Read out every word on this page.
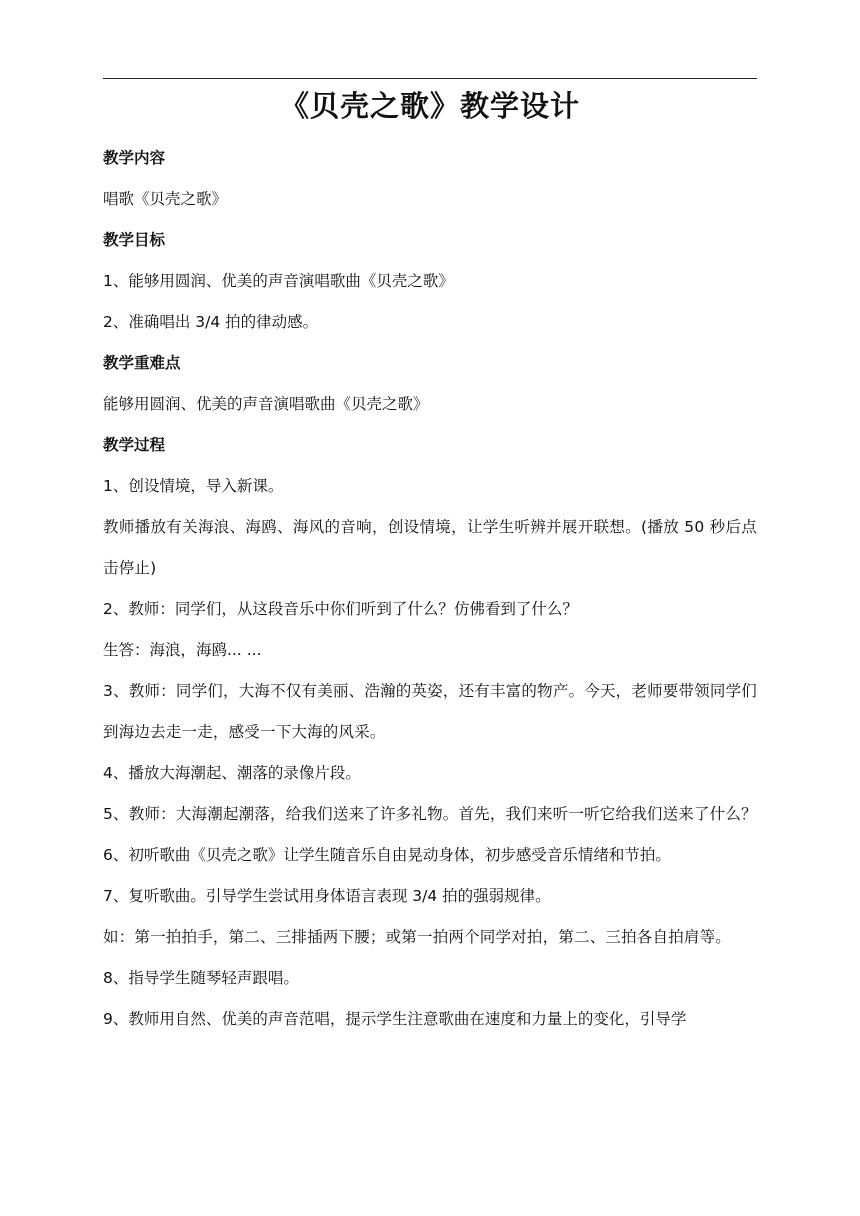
《贝壳之歌》教学设计
教学内容
唱歌《贝壳之歌》
教学目标
1、能够用圆润、优美的声音演唱歌曲《贝壳之歌》
2、准确唱出 3/4 拍的律动感。
教学重难点
能够用圆润、优美的声音演唱歌曲《贝壳之歌》
教学过程
1、创设情境，导入新课。
教师播放有关海浪、海鸥、海风的音响，创设情境，让学生听辨并展开联想。(播放 50 秒后点击停止)
2、教师：同学们，从这段音乐中你们听到了什么？仿佛看到了什么？
生答：海浪，海鸥... ...
3、教师：同学们，大海不仅有美丽、浩瀚的英姿，还有丰富的物产。今天，老师要带领同学们到海边去走一走，感受一下大海的风采。
4、播放大海潮起、潮落的录像片段。
5、教师：大海潮起潮落，给我们送来了许多礼物。首先，我们来听一听它给我们送来了什么？
6、初听歌曲《贝壳之歌》让学生随音乐自由晃动身体，初步感受音乐情绪和节拍。
7、复听歌曲。引导学生尝试用身体语言表现 3/4 拍的强弱规律。
如：第一拍拍手，第二、三排插两下腰；或第一拍两个同学对拍，第二、三拍各自拍肩等。
8、指导学生随琴轻声跟唱。
9、教师用自然、优美的声音范唱，提示学生注意歌曲在速度和力量上的变化，引导学
